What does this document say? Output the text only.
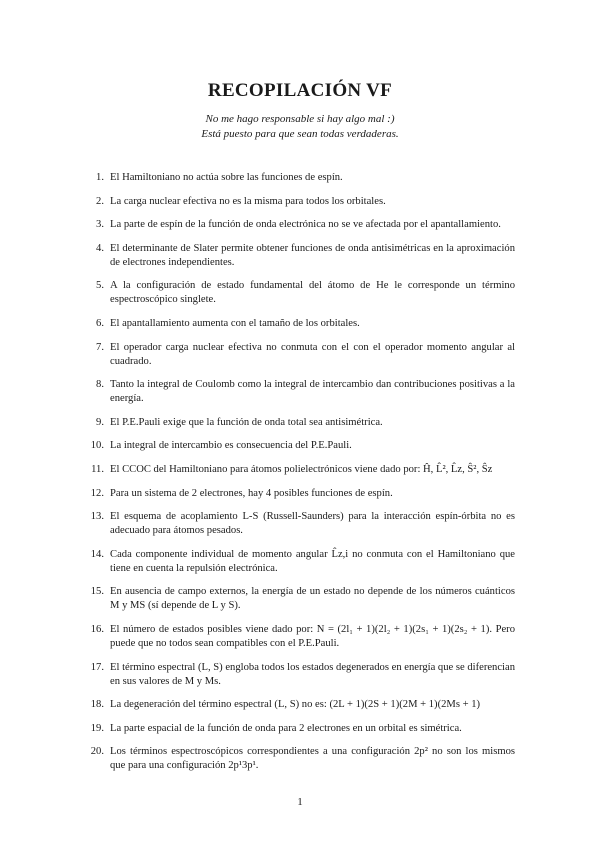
RECOPILACIÓN VF
No me hago responsable si hay algo mal :)
Está puesto para que sean todas verdaderas.
1. El Hamiltoniano no actúa sobre las funciones de espín.
2. La carga nuclear efectiva no es la misma para todos los orbitales.
3. La parte de espín de la función de onda electrónica no se ve afectada por el apantallamiento.
4. El determinante de Slater permite obtener funciones de onda antisimétricas en la aproximación de electrones independientes.
5. A la configuración de estado fundamental del átomo de He le corresponde un término espectroscópico singlete.
6. El apantallamiento aumenta con el tamaño de los orbitales.
7. El operador carga nuclear efectiva no conmuta con el con el operador momento angular al cuadrado.
8. Tanto la integral de Coulomb como la integral de intercambio dan contribuciones positivas a la energía.
9. El P.E.Pauli exige que la función de onda total sea antisimétrica.
10. La integral de intercambio es consecuencia del P.E.Pauli.
11. El CCOC del Hamiltoniano para átomos polielectrónicos viene dado por: Ĥ, L̂², L̂z, Ŝ², Ŝz
12. Para un sistema de 2 electrones, hay 4 posibles funciones de espín.
13. El esquema de acoplamiento L-S (Russell-Saunders) para la interacción espín-órbita no es adecuado para átomos pesados.
14. Cada componente individual de momento angular L̂z,i no conmuta con el Hamiltoniano que tiene en cuenta la repulsión electrónica.
15. En ausencia de campo externos, la energía de un estado no depende de los números cuánticos M y MS (sí depende de L y S).
16. El número de estados posibles viene dado por: N = (2l₁ + 1)(2l₂ + 1)(2s₁ + 1)(2s₂ + 1). Pero puede que no todos sean compatibles con el P.E.Pauli.
17. El término espectral (L, S) engloba todos los estados degenerados en energía que se diferencian en sus valores de M y Ms.
18. La degeneración del término espectral (L, S) no es: (2L + 1)(2S + 1)(2M + 1)(2Ms + 1)
19. La parte espacial de la función de onda para 2 electrones en un orbital es simétrica.
20. Los términos espectroscópicos correspondientes a una configuración 2p² no son los mismos que para una configuración 2p¹3p¹.
1
